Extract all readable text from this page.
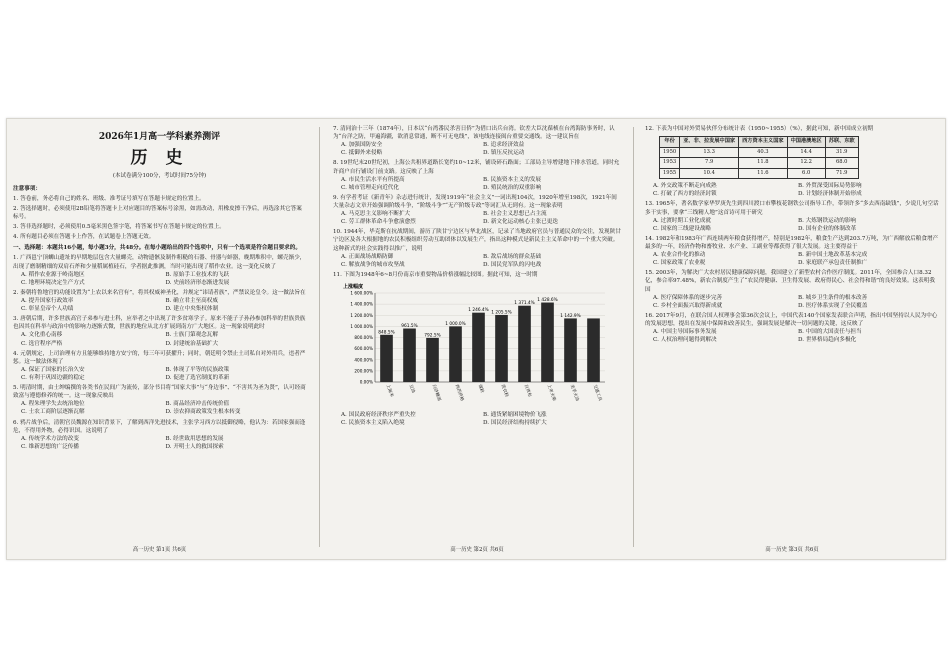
2026年1月高一学科素养测评
历 史
(本试卷满分100分，考试时间75分钟)
注意事项：
1. 答卷前，务必将自己的姓名、班级、准考证号填写在答题卡规定的位置上。
2. 答选择题时，必须使用2B铅笔将答题卡上对应题目的答案标号涂黑，如需改动，用橡皮擦干净后，再选涂其它答案标号。
3. 答非选择题时，必须使用0.5毫米黑色签字笔，将答案书写在答题卡规定的位置上。
4. 所有题目必须在答题卡上作答，在试题卷上答题无效。
一、选择题：本题共16小题，每小题3分，共48分。在每小题给出的四个选项中，只有一个选项是符合题目要求的。
1. 广西邕宁顶蛳山遗址的早期地层包含大量螺壳，动物遗骸及制作粗糙的石器、骨器与蚌器，晚期堆积中，螺壳渐少，出现了磨制精细的双肩石斧和少量稻属植硅石，学者据此推测，当时可能出现了稻作农业。这一变化反映了
A. 稻作农业源于岭南地区	B. 原始手工业技术的飞跃
C. 地理环境决定生产方式	D. 史前经济形态渐进发展
2. 秦朝将鲁地官的功能设置为“上农以来名官有”，将其权威神圣化，并规定“讳请者族”，严禁议论皇令。这一做法旨在
A. 提升国家行政效率	B. 确立君主至高权威
C. 彰显皇帝个人功绩	D. 建立中央集权体制
3. 唐朝后期，许多世族高官子弟参与进士科，应举者之中出现了许多贫寒学子。原来不能子子孙孙参加科举的世族贵族也因其在科举与政治中的影响力逐渐式微，世族的地位从北方扩展到南方广大地区。这一现象说明此时
A. 文化重心南移	B. 士族门第观念瓦解
C. 选官程序严格	D. 封建统治基础扩大
4. 元朝规定，上司治理有方且能够维持地方安宁的，每三年可获擢升；同时，朝廷明令禁止土司私自对外用兵，违者严惩。这一做法体现了
A. 保证了国家的长治久安	B. 体现了平等的民族政策
C. 有利于巩固边疆的稳定	D. 促进了选官制度的革新
5. 明清时期，由士绅编撰的各类书在民间广为流传，部分书目将“国家大事”与“身边事”、“不害其为圣为贤”，认可经商致富与遵德修养的统一。这一现象反映出
A. 程朱理学失去统治地位	B. 商品经济冲击传统价值
C. 士农工商阶层逐渐瓦解	D. 崇农抑商政策发生根本转变
6. 鸦片战争后，清朝官员魏源在知识背景下，了解到西洋先进技术，主张学习西方以抵御侵略，他认为：若国家强而逢危，不得用外物，必得识国。这说明了
A. 传统学术方法的改变	B. 经世致用思想的发展
C. 维新思想的广泛传播	D. 开明士人的救国探索
高一历史 第1页 共6页
7. 清同治十三年（1874年），日本以“台湾番民杀害日侨”为借口出兵台湾。钦差大臣沈葆桢在台湾海防事务时，认为“台洋之防，甲遍海疆，欲消息常通，断不可无电线”，该电线连接闽台重要交通线。这一建议旨在
A. 加强国防安全	B. 追求经济效益
C. 抵御外来侵略	D. 镇压反抗运动
8. 19世纪末20世纪初，上海公共租界道路长宽约10~12米，铺设碎石路面；工部局主导增建地下排水管道，同时允许商户自行铺设门前支路。这反映了上海
A. 市民生活水平有所提高	B. 民族资本主义的发展
C. 城市管理走向近代化	D. 殖民统治的双重影响
9. 有学者考证《新青年》杂志进行统计，发现1919年“社会主义”一词出现104次，1920年增至198次，1921年间大量杂志文章开始强调阶级斗争，“阶级斗争”“无产阶级专政”等词汇从无到有。这一现象表明
A. 马克思主义影响不断扩大	B. 社会主义思想已占主流
C. 劳工群体革命斗争愈演愈烈	D. 新文化运动核心主张已更迭
10. 1944年，毕克斯在抗战期间，游历了陕甘宁边区与华北战区，记录了当地政府官员与普通民众的交往，发现陕甘宁边区及各大根据地的农民积极组织劳动互助团体以发展生产，指出这种模式是新民主主义革命中的一个重大突破。这种新式的社会实践得以推广，说明
A. 正面战场战略防御	B. 敌后战场的群众基础
C. 解放战争的城市攻坚战	D. 国民党军队的闪电战
11. 下图为1948年6~8月份南京市重要物品价格涨幅比较图。据此可知，这一时期
上涨幅度
0.00%
200.00%
400.00%
600.00%
800.00%
1 000.00%
1 200.00%
1 400.00%
1 600.00%
848.5%
上海米
961.5%
豆油
792.5%
白砂糖面
1 000.0%
西药价格
1 246.4%
煤粉
1 205.5%
洗衣粉
1 371.4%
百货布
1 428.6%
上市火柴
1 142.9%
美孚火油	交通工具
A. 国民政府经济秩序严重失控	B. 通货紧缩困境物价飞涨
C. 民族资本主义陷入绝境	D. 国民经济结构持续扩大
高一历史 第2页 共6页
12. 下表为中国对外贸易伙伴分布统计表（1950~1955）（%），据此可知，新中国成立初期
年份	亚、非、拉发展中国家	西方资本主义国家	中国港澳地区	苏联、东欧
1950	13.3	40.3	14.4	31.9
1953	7.9	11.8	12.2	68.0
1955	10.4	11.6	6.0	71.9
A. 外交政策不断走向成熟	B. 外贸深受国际局势影响
C. 打破了西方的经济封锁	D. 计划经济体制开始形成
13. 1965年，著名数学家华罗庚先生到四川渡口市攀枝花钢铁公司指导工作，带领许多“多去西南缺钱”，少说几句空话多干实事，要拿“三线精人地”这首诗可用于研究
A. 过渡时期工业化成就	B. 大炼钢铁运动的影响
C. 国家的三线建设战略	D. 国有企业的体制改革
14. 1982年和1983年广西连续两年粮食获得增产，特别是1982年，粮食生产达到203.7万吨，为广西解放后粮食增产最多的一年，经济作物和畜牧业、水产业、工副业等都获得了很大发展。这主要得益于
A. 农业合作化的推动	B. 新中国土地改革基本完成
C. 国家政策了农业税	D. 家庭联产承包责任制推广
15. 2003年，为解决广大农村居民健康保障问题，我国建立了新型农村合作医疗制度。2011年，全国参合人口8.32亿，参合率97.48%，新农合制度产生了“农民得健康、卫生得发展、政府得民心、社会得和谐”的良好效果。这表明我国
A. 医疗保障体系的逐步完善	B. 城乡卫生条件的根本改善
C. 乡村全面振兴取得新成就	D. 医疗体系实现了全民覆盖
16. 2017年9月，在联合国人权理事会第36次会议上，中国代表140个国家发表联合声明，指出中国坚持以人民为中心的发展思想，提出在发展中保障和改善民生，强调发展是解决一切问题的关键，这反映了
A. 中国主导国际事务发展	B. 中国的大国责任与担当
C. 人权治理问题得到解决	D. 世界格局趋向多极化
高一历史 第3页 共6页
